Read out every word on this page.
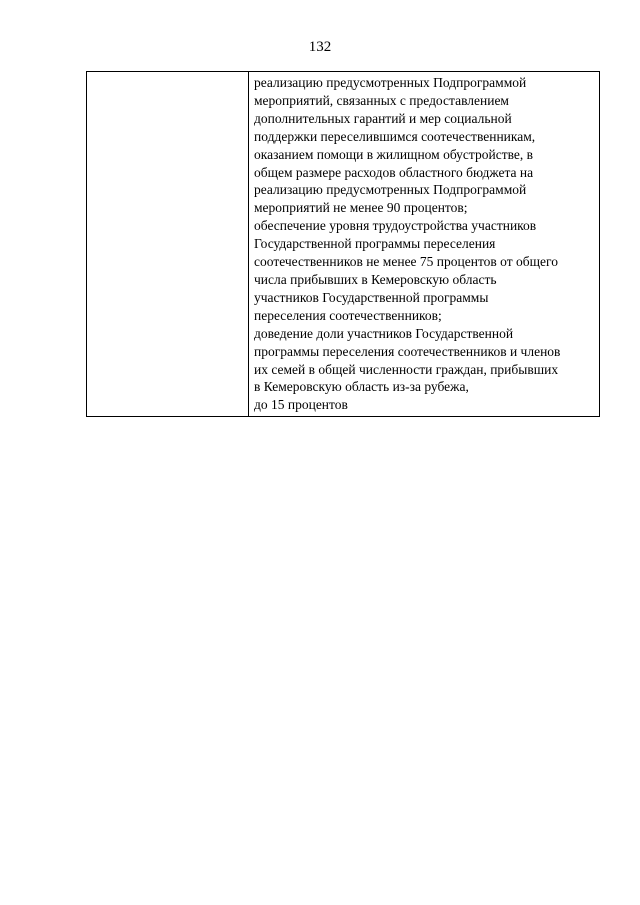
132

реализацию предусмотренных Подпрограммой
мероприятий, связанных с предоставлением
дополнительных гарантий и мер социальной
поддержки переселившимся соотечественникам,
оказанием помощи в жилищном обустройстве, в
общем размере расходов областного бюджета на
реализацию предусмотренных Подпрограммой
мероприятий не менее 90 процентов;
обеспечение уровня трудоустройства участников
Государственной программы переселения
соотечественников не менее 75 процентов от общего
числа прибывших в Кемеровскую область
участников Государственной программы
переселения соотечественников;
доведение доли участников Государственной
программы переселения соотечественников и членов
их семей в общей численности граждан, прибывших
в Кемеровскую область из-за рубежа,
до 15 процентов
